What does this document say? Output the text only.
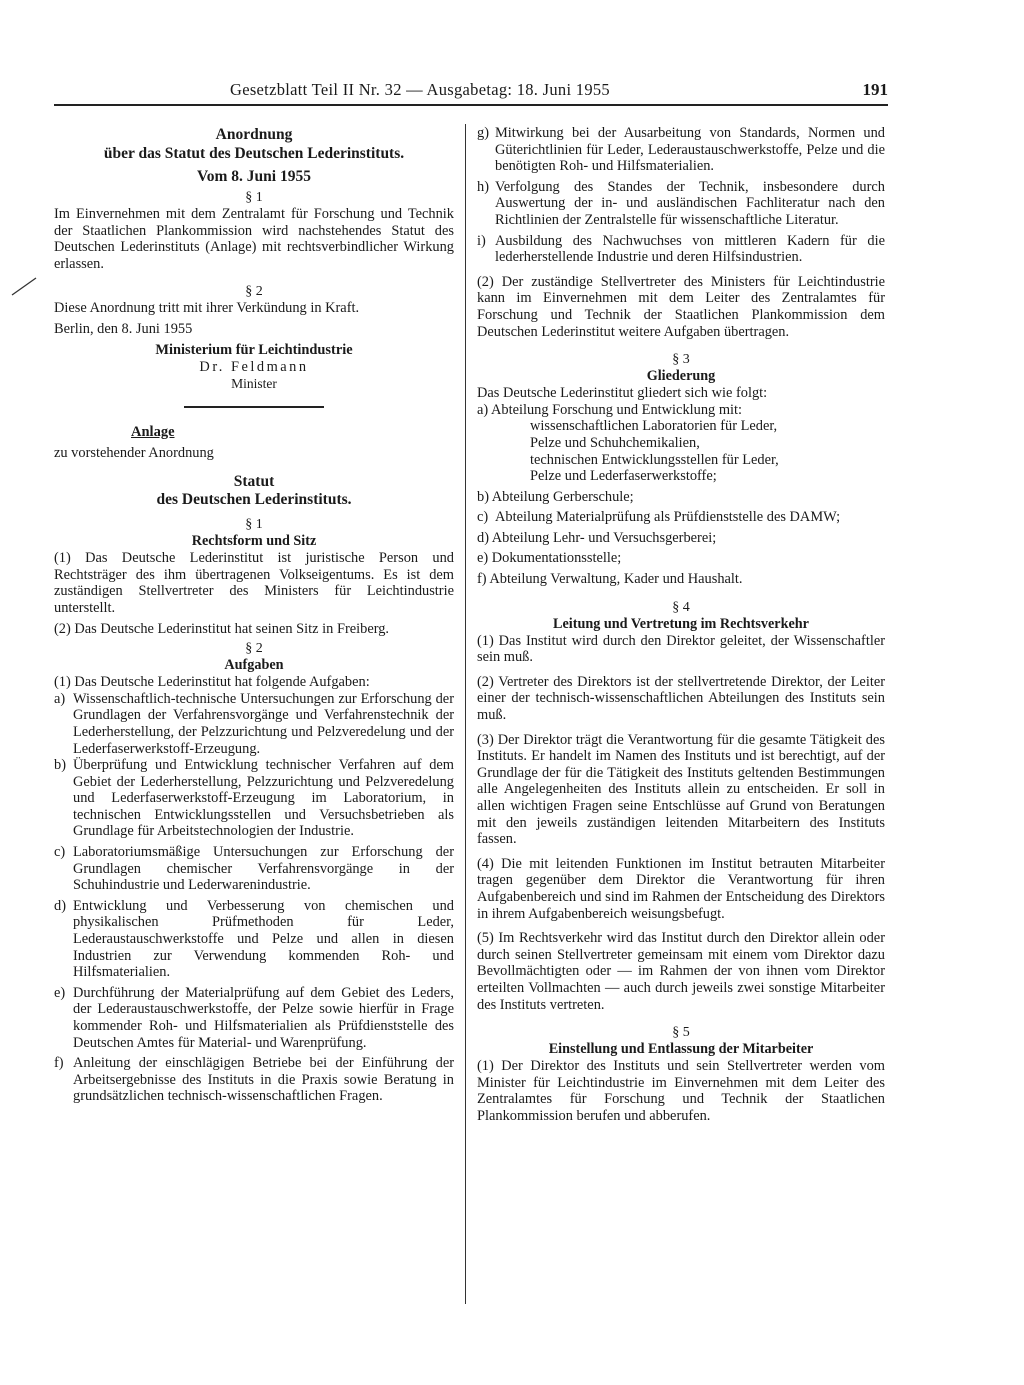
Gesetzblatt Teil II Nr. 32 — Ausgabetag: 18. Juni 1955	191
Anordnung
über das Statut des Deutschen Lederinstituts.
Vom 8. Juni 1955
§ 1

Im Einvernehmen mit dem Zentralamt für Forschung und Technik der Staatlichen Plankommission wird nachstehendes Statut des Deutschen Lederinstituts (Anlage) mit rechtsverbindlicher Wirkung erlassen.

§ 2

Diese Anordnung tritt mit ihrer Verkündung in Kraft.

Berlin, den 8. Juni 1955

Ministerium für Leichtindustrie
Dr. Feldmann
Minister
Anlage

zu vorstehender Anordnung

Statut
des Deutschen Lederinstituts.
§ 1
Rechtsform und Sitz

(1) Das Deutsche Lederinstitut ist juristische Person und Rechtsträger des ihm übertragenen Volkseigentums. Es ist dem zuständigen Stellvertreter des Ministers für Leichtindustrie unterstellt.

(2) Das Deutsche Lederinstitut hat seinen Sitz in Freiberg.

§ 2
Aufgaben

(1) Das Deutsche Lederinstitut hat folgende Aufgaben:

a) Wissenschaftlich-technische Untersuchungen zur Erforschung der Grundlagen der Verfahrensvorgänge und Verfahrenstechnik der Lederherstellung, der Pelzzurichtung und Pelzveredelung und der Lederfaserwerkstoff-Erzeugung.
b) Überprüfung und Entwicklung technischer Verfahren auf dem Gebiet der Lederherstellung, Pelzzurichtung und Pelzveredelung und Lederfaserwerkstoff-Erzeugung im Laboratorium, in technischen Entwicklungsstellen und Versuchsbetrieben als Grundlage für Arbeitstechnologien der Industrie.
c) Laboratoriumsmäßige Untersuchungen zur Erforschung der Grundlagen chemischer Verfahrensvorgänge in der Schuhindustrie und Lederwarenindustrie.
d) Entwicklung und Verbesserung von chemischen und physikalischen Prüfmethoden für Leder, Lederaustauschwerkstoffe und Pelze und allen in diesen Industrien zur Verwendung kommenden Roh- und Hilfsmaterialien.
e) Durchführung der Materialprüfung auf dem Gebiet des Leders, der Lederaustauschwerkstoffe, der Pelze sowie hierfür in Frage kommender Roh- und Hilfsmaterialien als Prüfdienststelle des Deutschen Amtes für Material- und Warenprüfung.
f) Anleitung der einschlägigen Betriebe bei der Einführung der Arbeitsergebnisse des Instituts in die Praxis sowie Beratung in grundsätzlichen technisch-wissenschaftlichen Fragen.
g) Mitwirkung bei der Ausarbeitung von Standards, Normen und Güterichtlinien für Leder, Lederaustauschwerkstoffe, Pelze und die benötigten Roh- und Hilfsmaterialien.
h) Verfolgung des Standes der Technik, insbesondere durch Auswertung der in- und ausländischen Fachliteratur nach den Richtlinien der Zentralstelle für wissenschaftliche Literatur.
i) Ausbildung des Nachwuchses von mittleren Kadern für die lederherstellende Industrie und deren Hilfsindustrien.

(2) Der zuständige Stellvertreter des Ministers für Leichtindustrie kann im Einvernehmen mit dem Leiter des Zentralamtes für Forschung und Technik der Staatlichen Plankommission dem Deutschen Lederinstitut weitere Aufgaben übertragen.

§ 3
Gliederung

Das Deutsche Lederinstitut gliedert sich wie folgt:

a) Abteilung Forschung und Entwicklung mit:

wissenschaftlichen Laboratorien für Leder,
Pelze und Schuhchemikalien,
technischen Entwicklungsstellen für Leder,
Pelze und Lederfaserwerkstoffe;

b) Abteilung Gerberschule;

c) Abteilung Materialprüfung als Prüfdienststelle des DAMW;

d) Abteilung Lehr- und Versuchsgerberei;

e) Dokumentationsstelle;

f) Abteilung Verwaltung, Kader und Haushalt.

§ 4
Leitung und Vertretung im Rechtsverkehr

(1) Das Institut wird durch den Direktor geleitet, der Wissenschaftler sein muß.

(2) Vertreter des Direktors ist der stellvertretende Direktor, der Leiter einer der technisch-wissenschaftlichen Abteilungen des Instituts sein muß.

(3) Der Direktor trägt die Verantwortung für die gesamte Tätigkeit des Instituts. Er handelt im Namen des Instituts und ist berechtigt, auf der Grundlage der für die Tätigkeit des Instituts geltenden Bestimmungen alle Angelegenheiten des Instituts allein zu entscheiden. Er soll in allen wichtigen Fragen seine Entschlüsse auf Grund von Beratungen mit den jeweils zuständigen leitenden Mitarbeitern des Instituts fassen.

(4) Die mit leitenden Funktionen im Institut betrauten Mitarbeiter tragen gegenüber dem Direktor die Verantwortung für ihren Aufgabenbereich und sind im Rahmen der Entscheidung des Direktors in ihrem Aufgabenbereich weisungsbefugt.

(5) Im Rechtsverkehr wird das Institut durch den Direktor allein oder durch seinen Stellvertreter gemeinsam mit einem vom Direktor dazu Bevollmächtigten oder — im Rahmen der von ihnen vom Direktor erteilten Vollmachten — auch durch jeweils zwei sonstige Mitarbeiter des Instituts vertreten.

§ 5
Einstellung und Entlassung der Mitarbeiter

(1) Der Direktor des Instituts und sein Stellvertreter werden vom Minister für Leichtindustrie im Einvernehmen mit dem Leiter des Zentralamtes für Forschung und Technik der Staatlichen Plankommission berufen und abberufen.
